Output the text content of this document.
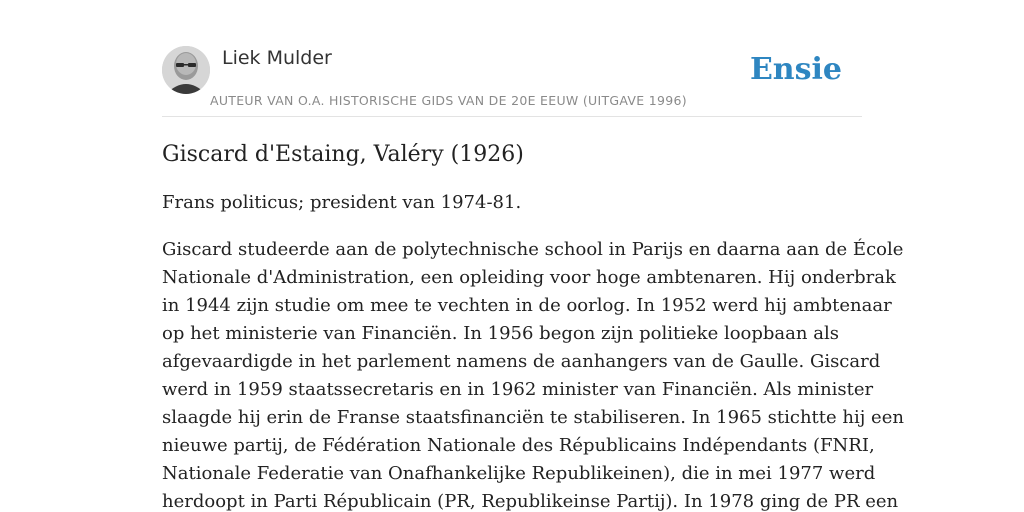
Liek Mulder
AUTEUR VAN O.A. HISTORISCHE GIDS VAN DE 20E EEUW (UITGAVE 1996)
Ensie
Giscard d'Estaing, Valéry (1926)

Frans politicus; president van 1974-81.

Giscard studeerde aan de polytechnische school in Parijs en daarna aan de École
Nationale d'Administration, een opleiding voor hoge ambtenaren. Hij onderbrak
in 1944 zijn studie om mee te vechten in de oorlog. In 1952 werd hij ambtenaar
op het ministerie van Financiën. In 1956 begon zijn politieke loopbaan als
afgevaardigde in het parlement namens de aanhangers van de Gaulle. Giscard
werd in 1959 staatssecretaris en in 1962 minister van Financiën. Als minister
slaagde hij erin de Franse staatsfinanciën te stabiliseren. In 1965 stichtte hij een
nieuwe partij, de Fédération Nationale des Républicains Indépendants (FNRI,
Nationale Federatie van Onafhankelijke Republikeinen), die in mei 1977 werd
herdoopt in Parti Républicain (PR, Republikeinse Partij). In 1978 ging de PR een
